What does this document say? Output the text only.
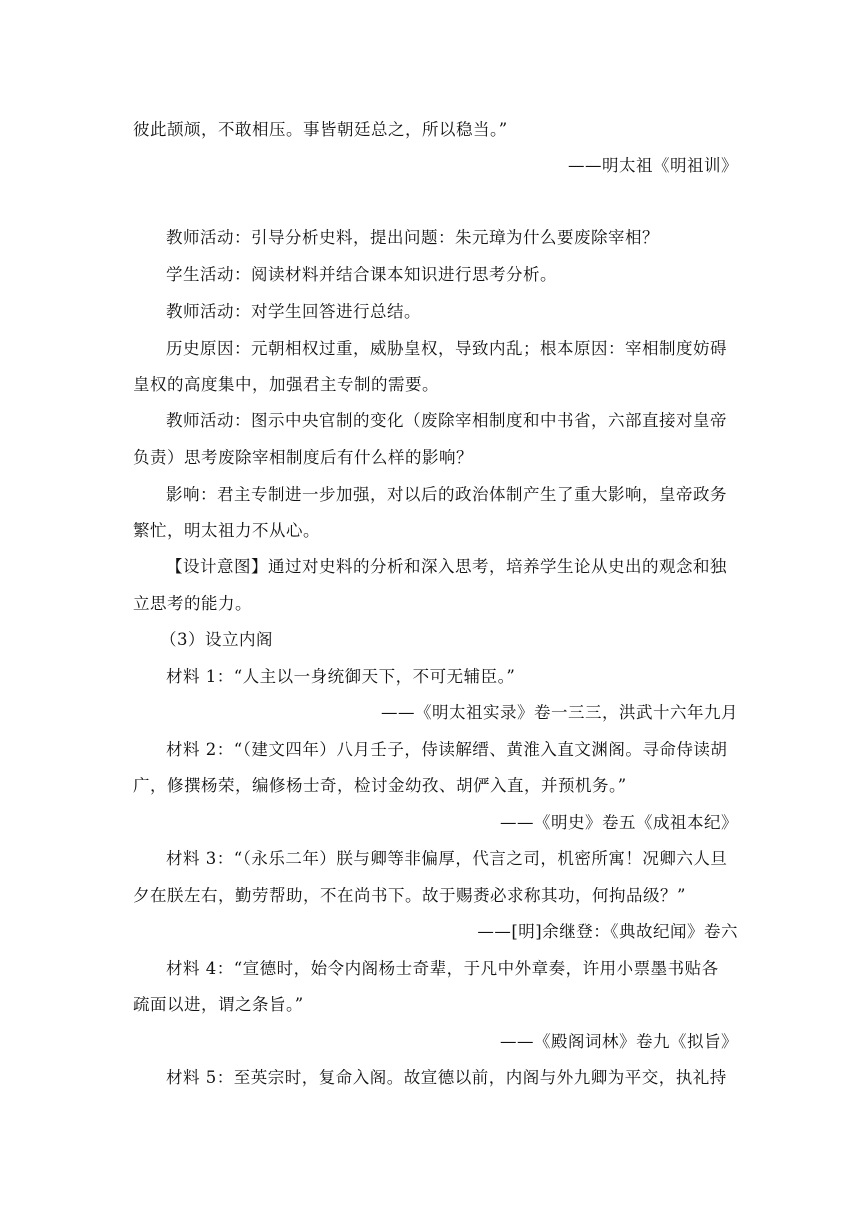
彼此颉颃，不敢相压。事皆朝廷总之，所以稳当。”
——明太祖《明祖训》
教师活动：引导分析史料，提出问题：朱元璋为什么要废除宰相？
学生活动：阅读材料并结合课本知识进行思考分析。
教师活动：对学生回答进行总结。
历史原因：元朝相权过重，威胁皇权，导致内乱；根本原因：宰相制度妨碍
皇权的高度集中，加强君主专制的需要。
教师活动：图示中央官制的变化（废除宰相制度和中书省，六部直接对皇帝
负责）思考废除宰相制度后有什么样的影响？
影响：君主专制进一步加强，对以后的政治体制产生了重大影响，皇帝政务
繁忙，明太祖力不从心。
【设计意图】通过对史料的分析和深入思考，培养学生论从史出的观念和独
立思考的能力。
（3）设立内阁
材料 1：“人主以一身统御天下，不可无辅臣。”
——《明太祖实录》卷一三三，洪武十六年九月
材料 2：“（建文四年）八月壬子，侍读解缙、黄淮入直文渊阁。寻命侍读胡
广，修撰杨荣，编修杨士奇，检讨金幼孜、胡俨入直，并预机务。”
——《明史》卷五《成祖本纪》
材料 3：“（永乐二年）朕与卿等非偏厚，代言之司，机密所寓！况卿六人旦
夕在朕左右，勤劳帮助，不在尚书下。故于赐赉必求称其功，何拘品级？”
——[明]余继登：《典故纪闻》卷六
材料 4：“宣德时，始令内阁杨士奇辈，于凡中外章奏，许用小票墨书贴各
疏面以进，谓之条旨。”
——《殿阁词林》卷九《拟旨》
材料 5：至英宗时，复命入阁。故宣德以前，内阁与外九卿为平交，执礼持
